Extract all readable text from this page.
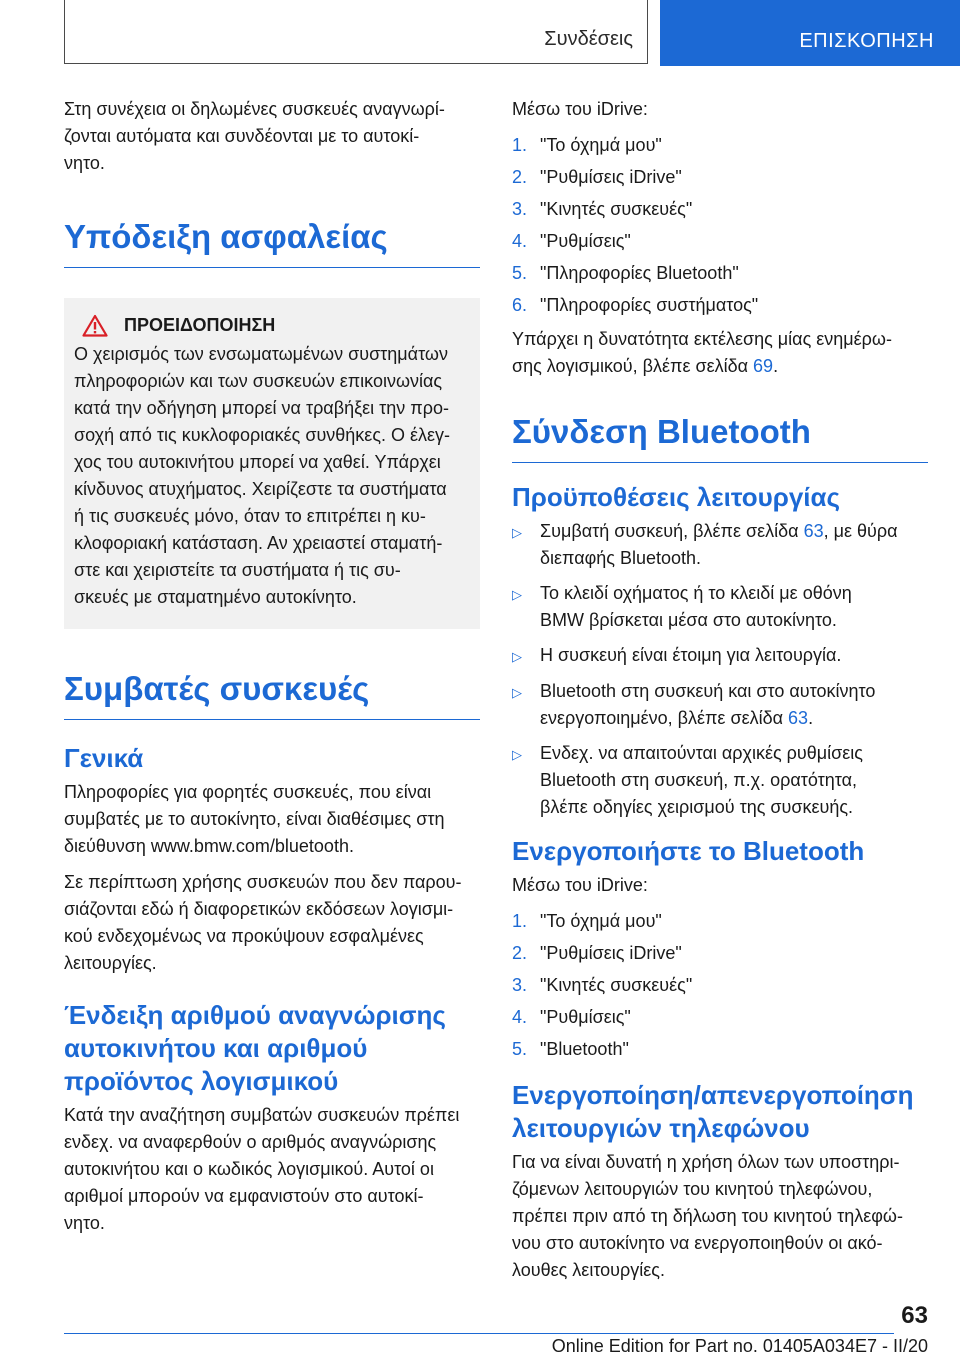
Συνδέσεις	ΕΠΙΣΚΟΠΗΣΗ

Στη συνέχεια οι δηλωμένες συσκευές αναγνωρί-
ζονται αυτόματα και συνδέονται με το αυτοκί-
νητο.

Υπόδειξη ασφαλείας
ΠΡΟΕΙΔΟΠΟΙΗΣΗ

Ο χειρισμός των ενσωματωμένων συστημάτων
πληροφοριών και των συσκευών επικοινωνίας
κατά την οδήγηση μπορεί να τραβήξει την προ-
σοχή από τις κυκλοφοριακές συνθήκες. Ο έλεγ-
χος του αυτοκινήτου μπορεί να χαθεί. Υπάρχει
κίνδυνος ατυχήματος. Χειρίζεστε τα συστήματα
ή τις συσκευές μόνο, όταν το επιτρέπει η κυ-
κλοφοριακή κατάσταση. Αν χρειαστεί σταματή-
στε και χειριστείτε τα συστήματα ή τις συ-
σκευές με σταματημένο αυτοκίνητο.

Συμβατές συσκευές
Γενικά

Πληροφορίες για φορητές συσκευές, που είναι
συμβατές με το αυτοκίνητο, είναι διαθέσιμες στη
διεύθυνση www.bmw.com/bluetooth.

Σε περίπτωση χρήσης συσκευών που δεν παρου-
σιάζονται εδώ ή διαφορετικών εκδόσεων λογισμι-
κού ενδεχομένως να προκύψουν εσφαλμένες
λειτουργίες.

Ένδειξη αριθμού αναγνώρισης
αυτοκινήτου και αριθμού
προϊόντος λογισμικού

Κατά την αναζήτηση συμβατών συσκευών πρέπει
ενδεχ. να αναφερθούν ο αριθμός αναγνώρισης
αυτοκινήτου και ο κωδικός λογισμικού. Αυτοί οι
αριθμοί μπορούν να εμφανιστούν στο αυτοκί-
νητο.

Μέσω του iDrive:

1. "Το όχημά μου"
2. "Ρυθμίσεις iDrive"
3. "Κινητές συσκευές"
4. "Ρυθμίσεις"
5. "Πληροφορίες Bluetooth"
6. "Πληροφορίες συστήματος"

Υπάρχει η δυνατότητα εκτέλεσης μίας ενημέρω-
σης λογισμικού, βλέπε σελίδα 69.

Σύνδεση Bluetooth
Προϋποθέσεις λειτουργίας
▷	Συμβατή συσκευή, βλέπε σελίδα 63, με θύρα
διεπαφής Bluetooth.
▷	Το κλειδί οχήματος ή το κλειδί με οθόνη
BMW βρίσκεται μέσα στο αυτοκίνητο.
▷	Η συσκευή είναι έτοιμη για λειτουργία.
▷	Bluetooth στη συσκευή και στο αυτοκίνητο
ενεργοποιημένο, βλέπε σελίδα 63.
▷	Ενδεχ. να απαιτούνται αρχικές ρυθμίσεις
Bluetooth στη συσκευή, π.χ. ορατότητα,
βλέπε οδηγίες χειρισμού της συσκευής.
Ενεργοποιήστε το Bluetooth

Μέσω του iDrive:

1. "Το όχημά μου"
2. "Ρυθμίσεις iDrive"
3. "Κινητές συσκευές"
4. "Ρυθμίσεις"
5. "Bluetooth"
Ενεργοποίηση/απενεργοποίηση
λειτουργιών τηλεφώνου

Για να είναι δυνατή η χρήση όλων των υποστηρι-
ζόμενων λειτουργιών του κινητού τηλεφώνου,
πρέπει πριν από τη δήλωση του κινητού τηλεφώ-
νου στο αυτοκίνητο να ενεργοποιηθούν οι ακό-
λουθες λειτουργίες.

63
Online Edition for Part no. 01405A034E7 - II/20
